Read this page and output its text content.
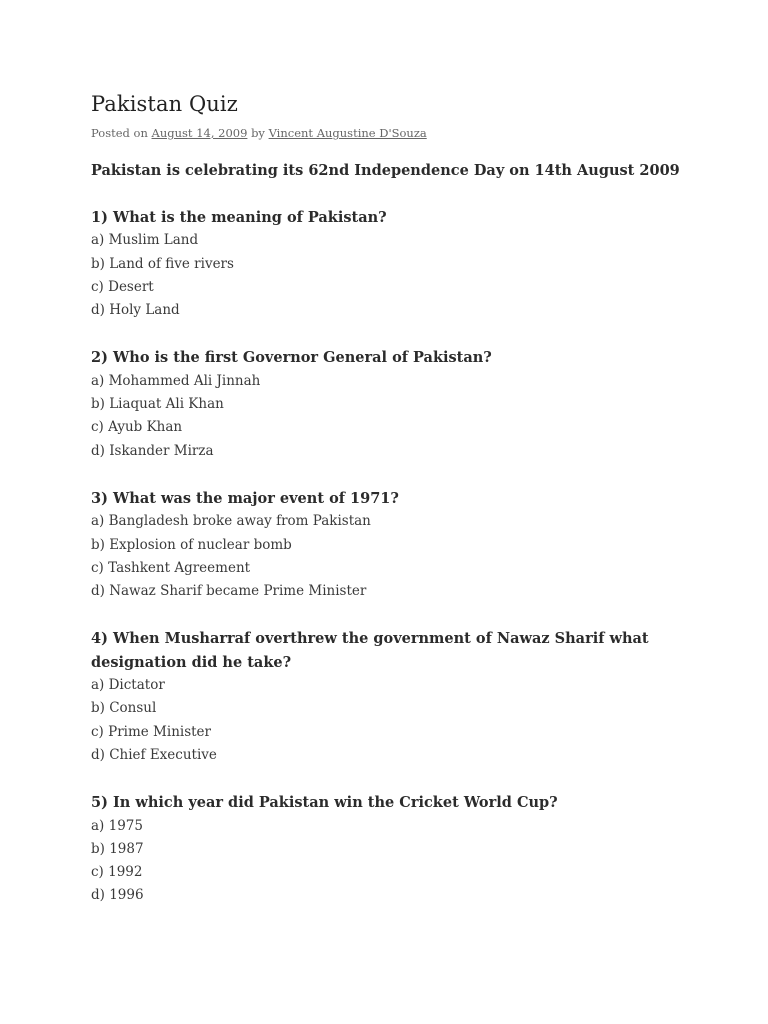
Pakistan Quiz
Posted on August 14, 2009 by Vincent Augustine D'Souza
Pakistan is celebrating its 62nd Independence Day on 14th August 2009
1) What is the meaning of Pakistan?
a) Muslim Land
b) Land of five rivers
c) Desert
d) Holy Land
2) Who is the first Governor General of Pakistan?
a) Mohammed Ali Jinnah
b) Liaquat Ali Khan
c) Ayub Khan
d) Iskander Mirza
3) What was the major event of 1971?
a) Bangladesh broke away from Pakistan
b) Explosion of nuclear bomb
c) Tashkent Agreement
d) Nawaz Sharif became Prime Minister
4) When Musharraf overthrew the government of Nawaz Sharif what designation did he take?
a) Dictator
b) Consul
c) Prime Minister
d) Chief Executive
5) In which year did Pakistan win the Cricket World Cup?
a) 1975
b) 1987
c) 1992
d) 1996
